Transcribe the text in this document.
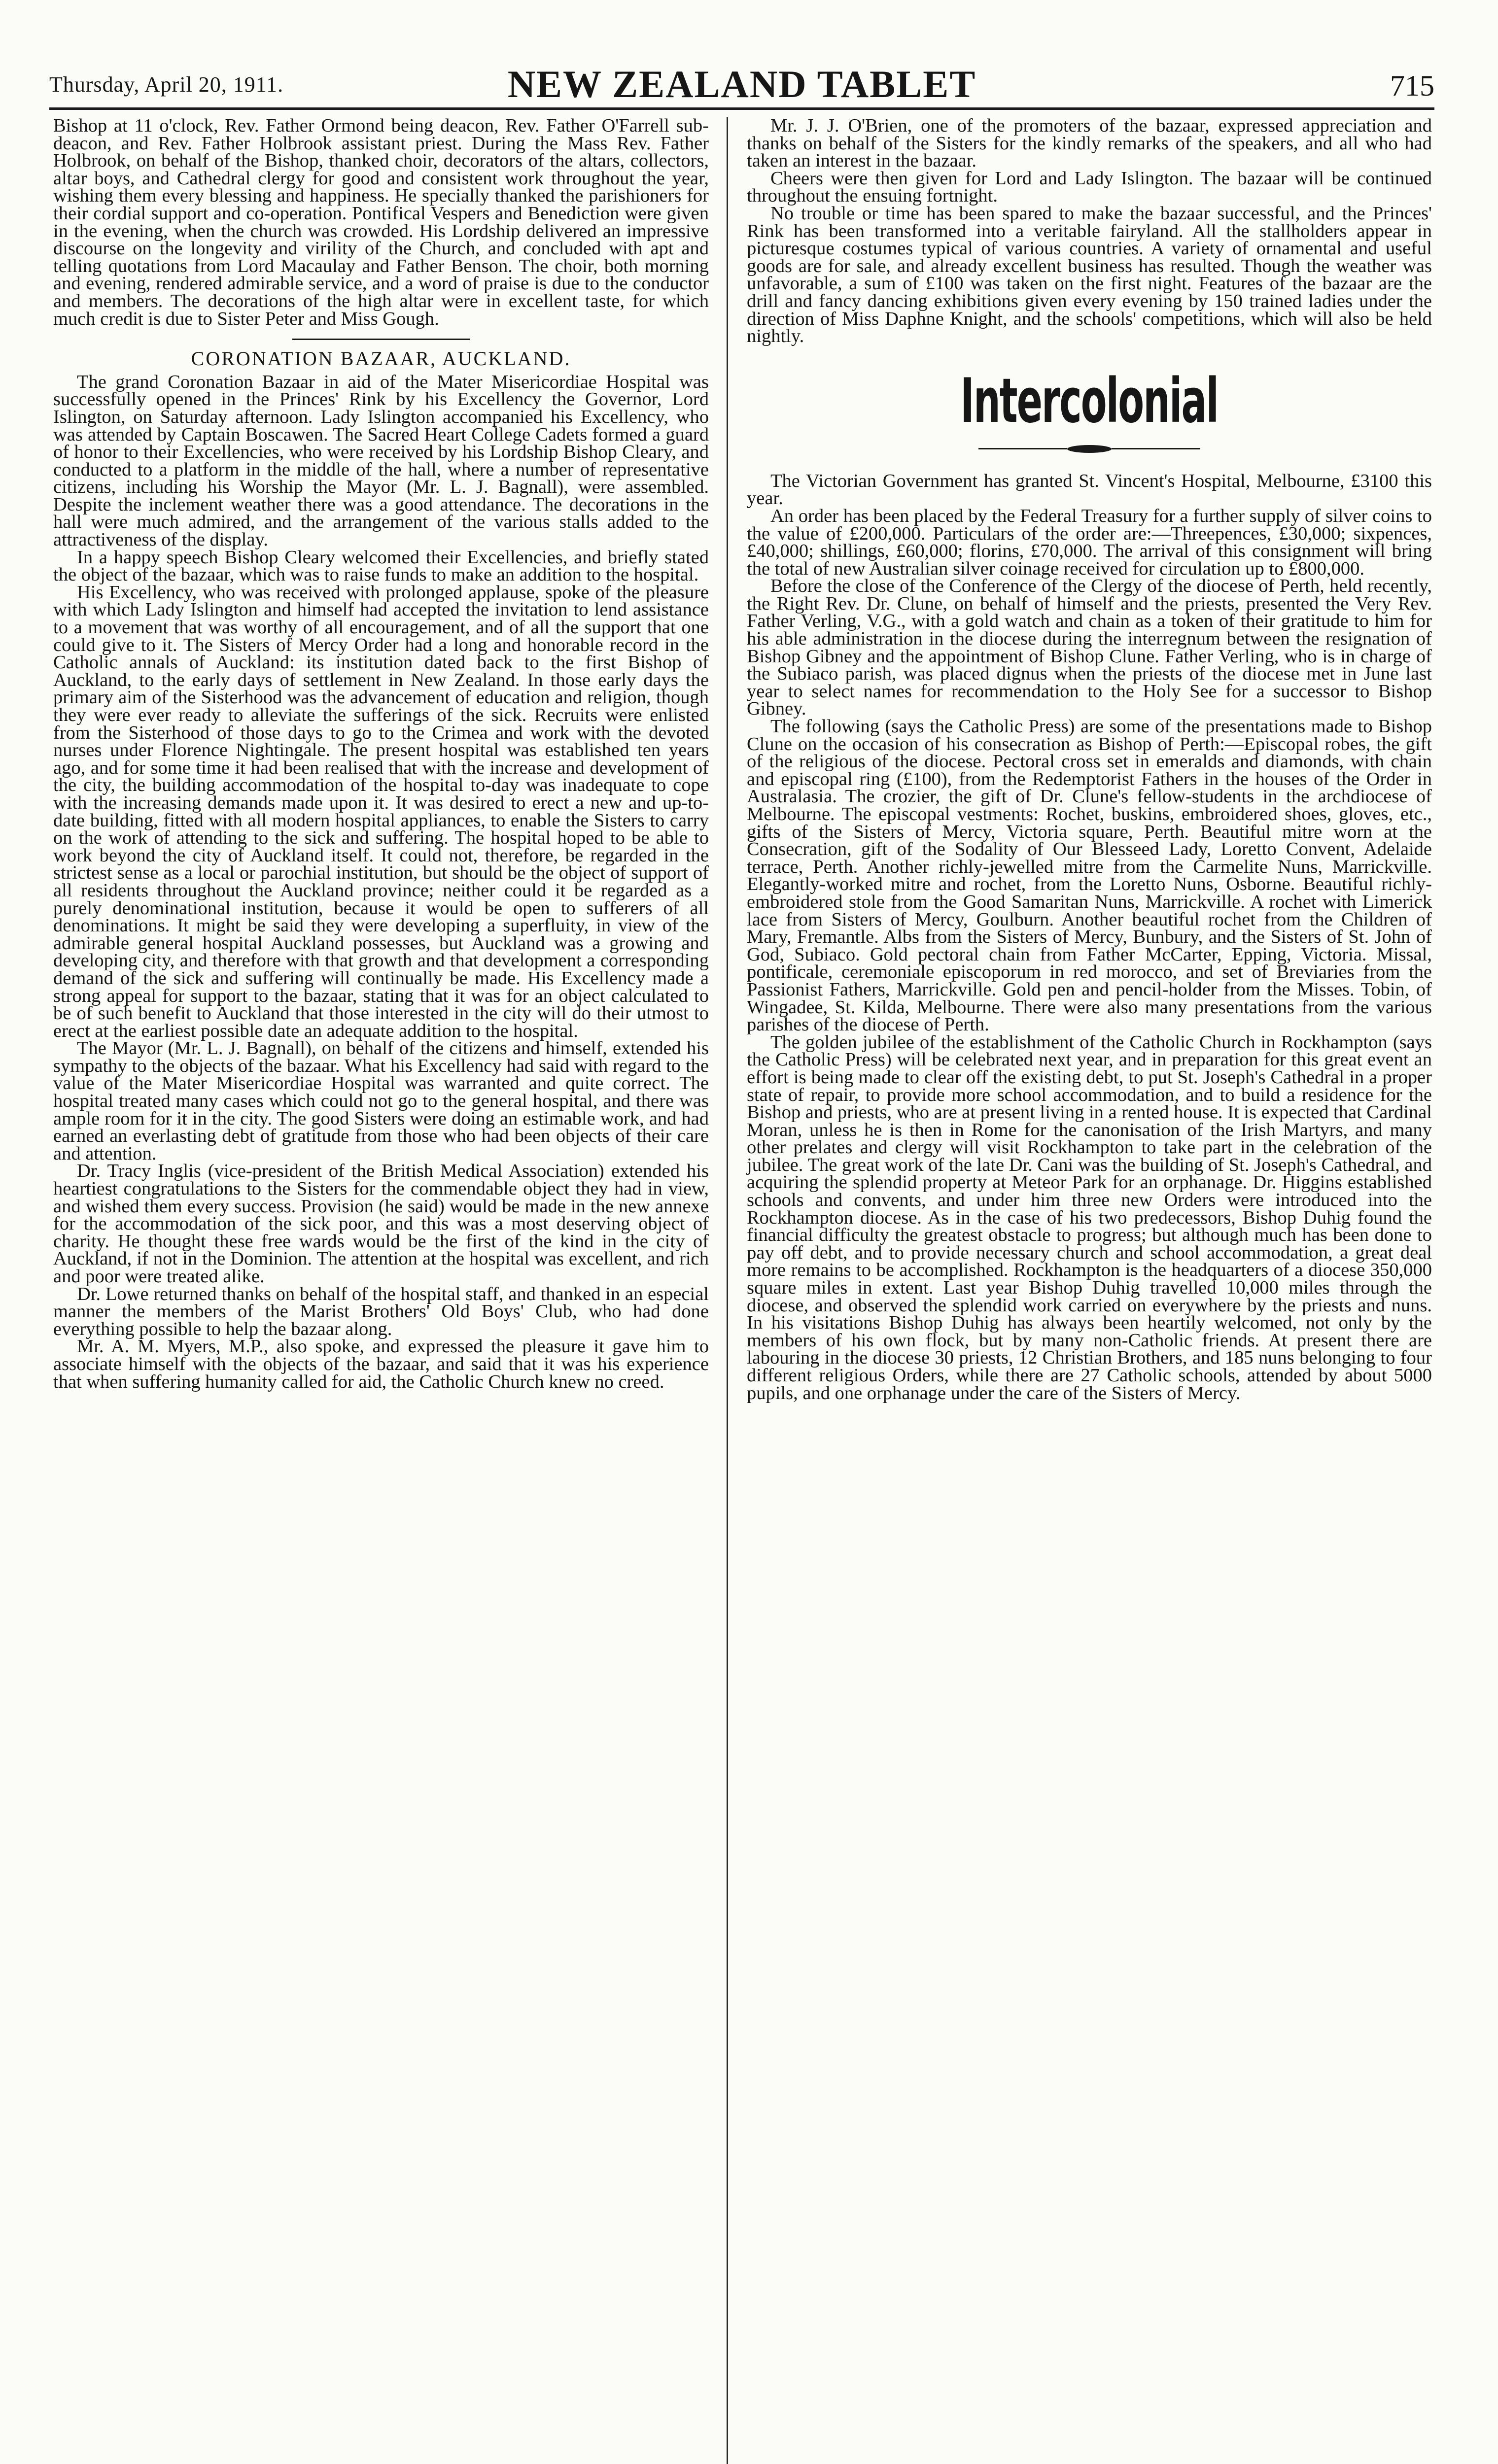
Thursday, April 20, 1911.	NEW ZEALAND TABLET	715

Bishop at 11 o'clock, Rev. Father Ormond being deacon, Rev. Father O'Farrell sub-deacon, and Rev. Father Holbrook assistant priest. During the Mass Rev. Father Holbrook, on behalf of the Bishop, thanked choir, decorators of the altars, collectors, altar boys, and Cathedral clergy for good and consistent work throughout the year, wishing them every blessing and happiness. He specially thanked the parishioners for their cordial support and co-operation. Pontifical Vespers and Benediction were given in the evening, when the church was crowded. His Lordship delivered an impressive discourse on the longevity and virility of the Church, and concluded with apt and telling quotations from Lord Macaulay and Father Benson. The choir, both morning and evening, rendered admirable service, and a word of praise is due to the conductor and members. The decorations of the high altar were in excellent taste, for which much credit is due to Sister Peter and Miss Gough.

CORONATION BAZAAR, AUCKLAND.

The grand Coronation Bazaar in aid of the Mater Misericordiae Hospital was successfully opened in the Princes' Rink by his Excellency the Governor, Lord Islington, on Saturday afternoon. Lady Islington accompanied his Excellency, who was attended by Captain Boscawen. The Sacred Heart College Cadets formed a guard of honor to their Excellencies, who were received by his Lordship Bishop Cleary, and conducted to a platform in the middle of the hall, where a number of representative citizens, including his Worship the Mayor (Mr. L. J. Bagnall), were assembled. Despite the inclement weather there was a good attendance. The decorations in the hall were much admired, and the arrangement of the various stalls added to the attractiveness of the display.

In a happy speech Bishop Cleary welcomed their Excellencies, and briefly stated the object of the bazaar, which was to raise funds to make an addition to the hospital.

His Excellency, who was received with prolonged applause, spoke of the pleasure with which Lady Islington and himself had accepted the invitation to lend assistance to a movement that was worthy of all encouragement, and of all the support that one could give to it. The Sisters of Mercy Order had a long and honorable record in the Catholic annals of Auckland: its institution dated back to the first Bishop of Auckland, to the early days of settlement in New Zealand. In those early days the primary aim of the Sisterhood was the advancement of education and religion, though they were ever ready to alleviate the sufferings of the sick. Recruits were enlisted from the Sisterhood of those days to go to the Crimea and work with the devoted nurses under Florence Nightingale. The present hospital was established ten years ago, and for some time it had been realised that with the increase and development of the city, the building accommodation of the hospital to-day was inadequate to cope with the increasing demands made upon it. It was desired to erect a new and up-to-date building, fitted with all modern hospital appliances, to enable the Sisters to carry on the work of attending to the sick and suffering. The hospital hoped to be able to work beyond the city of Auckland itself. It could not, therefore, be regarded in the strictest sense as a local or parochial institution, but should be the object of support of all residents throughout the Auckland province; neither could it be regarded as a purely denominational institution, because it would be open to sufferers of all denominations. It might be said they were developing a superfluity, in view of the admirable general hospital Auckland possesses, but Auckland was a growing and developing city, and therefore with that growth and that development a corresponding demand of the sick and suffering will continually be made. His Excellency made a strong appeal for support to the bazaar, stating that it was for an object calculated to be of such benefit to Auckland that those interested in the city will do their utmost to erect at the earliest possible date an adequate addition to the hospital.

The Mayor (Mr. L. J. Bagnall), on behalf of the citizens and himself, extended his sympathy to the objects of the bazaar. What his Excellency had said with regard to the value of the Mater Misericordiae Hospital was warranted and quite correct. The hospital treated many cases which could not go to the general hospital, and there was ample room for it in the city. The good Sisters were doing an estimable work, and had earned an everlasting debt of gratitude from those who had been objects of their care and attention.

Dr. Tracy Inglis (vice-president of the British Medical Association) extended his heartiest congratulations to the Sisters for the commendable object they had in view, and wished them every success. Provision (he said) would be made in the new annexe for the accommodation of the sick poor, and this was a most deserving object of charity. He thought these free wards would be the first of the kind in the city of Auckland, if not in the Dominion. The attention at the hospital was excellent, and rich and poor were treated alike.

Dr. Lowe returned thanks on behalf of the hospital staff, and thanked in an especial manner the members of the Marist Brothers' Old Boys' Club, who had done everything possible to help the bazaar along.

Mr. A. M. Myers, M.P., also spoke, and expressed the pleasure it gave him to associate himself with the objects of the bazaar, and said that it was his experience that when suffering humanity called for aid, the Catholic Church knew no creed.

Mr. J. J. O'Brien, one of the promoters of the bazaar, expressed appreciation and thanks on behalf of the Sisters for the kindly remarks of the speakers, and all who had taken an interest in the bazaar.

Cheers were then given for Lord and Lady Islington. The bazaar will be continued throughout the ensuing fortnight.

No trouble or time has been spared to make the bazaar successful, and the Princes' Rink has been transformed into a veritable fairyland. All the stallholders appear in picturesque costumes typical of various countries. A variety of ornamental and useful goods are for sale, and already excellent business has resulted. Though the weather was unfavorable, a sum of £100 was taken on the first night. Features of the bazaar are the drill and fancy dancing exhibitions given every evening by 150 trained ladies under the direction of Miss Daphne Knight, and the schools' competitions, which will also be held nightly.

Intercolonial

The Victorian Government has granted St. Vincent's Hospital, Melbourne, £3100 this year.

An order has been placed by the Federal Treasury for a further supply of silver coins to the value of £200,000. Particulars of the order are:—Threepences, £30,000; sixpences, £40,000; shillings, £60,000; florins, £70,000. The arrival of this consignment will bring the total of new Australian silver coinage received for circulation up to £800,000.

Before the close of the Conference of the Clergy of the diocese of Perth, held recently, the Right Rev. Dr. Clune, on behalf of himself and the priests, presented the Very Rev. Father Verling, V.G., with a gold watch and chain as a token of their gratitude to him for his able administration in the diocese during the interregnum between the resignation of Bishop Gibney and the appointment of Bishop Clune. Father Verling, who is in charge of the Subiaco parish, was placed dignus when the priests of the diocese met in June last year to select names for recommendation to the Holy See for a successor to Bishop Gibney.

The following (says the Catholic Press) are some of the presentations made to Bishop Clune on the occasion of his consecration as Bishop of Perth:—Episcopal robes, the gift of the religious of the diocese. Pectoral cross set in emeralds and diamonds, with chain and episcopal ring (£100), from the Redemptorist Fathers in the houses of the Order in Australasia. The crozier, the gift of Dr. Clune's fellow-students in the archdiocese of Melbourne. The episcopal vestments: Rochet, buskins, embroidered shoes, gloves, etc., gifts of the Sisters of Mercy, Victoria square, Perth. Beautiful mitre worn at the Consecration, gift of the Sodality of Our Blesseed Lady, Loretto Convent, Adelaide terrace, Perth. Another richly-jewelled mitre from the Carmelite Nuns, Marrickville. Elegantly-worked mitre and rochet, from the Loretto Nuns, Osborne. Beautiful richly-embroidered stole from the Good Samaritan Nuns, Marrickville. A rochet with Limerick lace from Sisters of Mercy, Goulburn. Another beautiful rochet from the Children of Mary, Fremantle. Albs from the Sisters of Mercy, Bunbury, and the Sisters of St. John of God, Subiaco. Gold pectoral chain from Father McCarter, Epping, Victoria. Missal, pontificale, ceremoniale episcoporum in red morocco, and set of Breviaries from the Passionist Fathers, Marrickville. Gold pen and pencil-holder from the Misses. Tobin, of Wingadee, St. Kilda, Melbourne. There were also many presentations from the various parishes of the diocese of Perth.

The golden jubilee of the establishment of the Catholic Church in Rockhampton (says the Catholic Press) will be celebrated next year, and in preparation for this great event an effort is being made to clear off the existing debt, to put St. Joseph's Cathedral in a proper state of repair, to provide more school accommodation, and to build a residence for the Bishop and priests, who are at present living in a rented house. It is expected that Cardinal Moran, unless he is then in Rome for the canonisation of the Irish Martyrs, and many other prelates and clergy will visit Rockhampton to take part in the celebration of the jubilee. The great work of the late Dr. Cani was the building of St. Joseph's Cathedral, and acquiring the splendid property at Meteor Park for an orphanage. Dr. Higgins established schools and convents, and under him three new Orders were introduced into the Rockhampton diocese. As in the case of his two predecessors, Bishop Duhig found the financial difficulty the greatest obstacle to progress; but although much has been done to pay off debt, and to provide necessary church and school accommodation, a great deal more remains to be accomplished. Rockhampton is the headquarters of a diocese 350,000 square miles in extent. Last year Bishop Duhig travelled 10,000 miles through the diocese, and observed the splendid work carried on everywhere by the priests and nuns. In his visitations Bishop Duhig has always been heartily welcomed, not only by the members of his own flock, but by many non-Catholic friends. At present there are labouring in the diocese 30 priests, 12 Christian Brothers, and 185 nuns belonging to four different religious Orders, while there are 27 Catholic schools, attended by about 5000 pupils, and one orphanage under the care of the Sisters of Mercy.
